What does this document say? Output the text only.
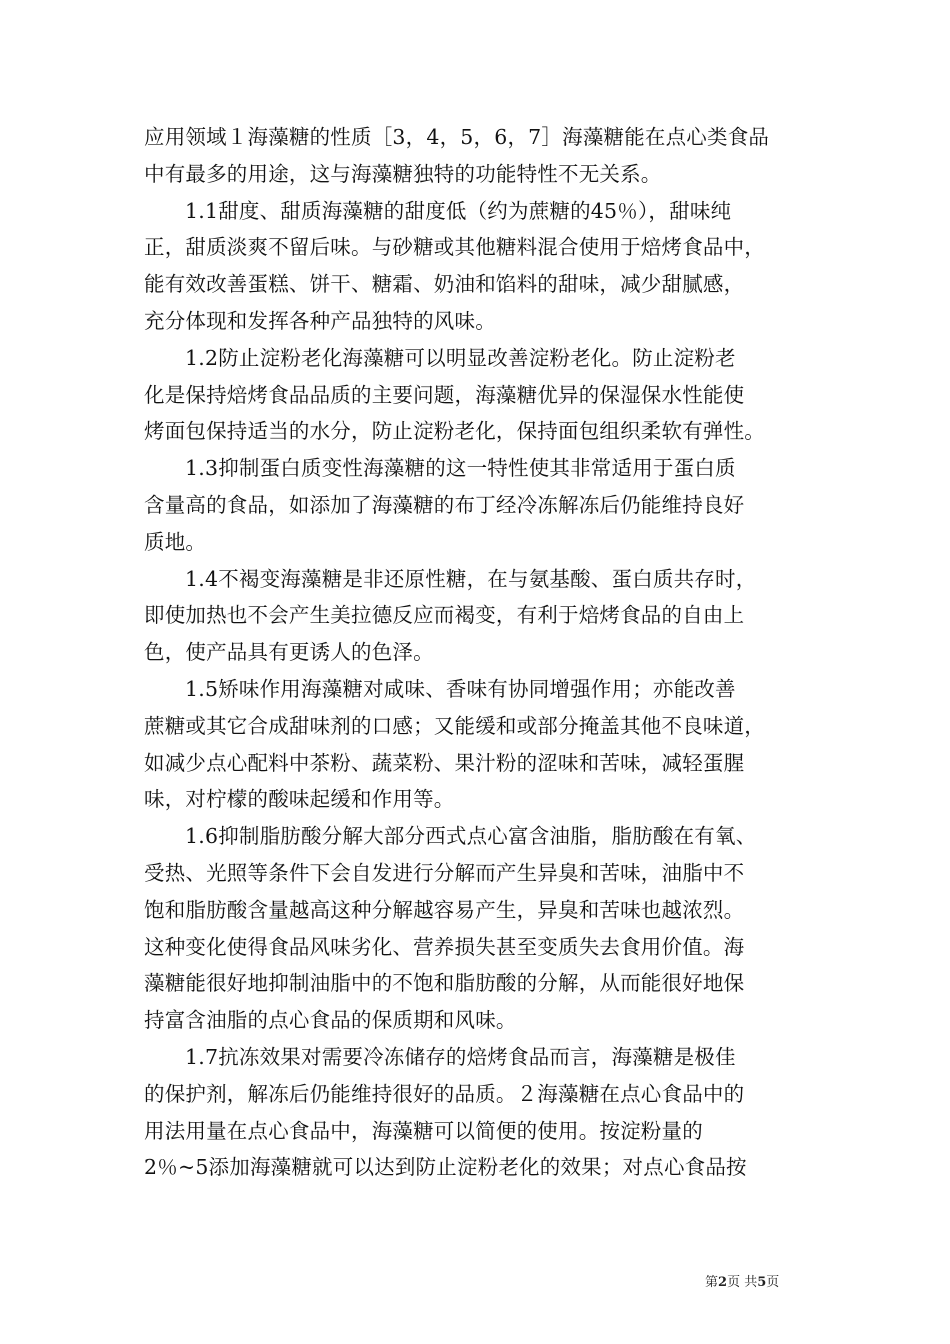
应用领域１海藻糖的性质［3，4，5，6，7］海藻糖能在点心类食品
中有最多的用途，这与海藻糖独特的功能特性不无关系。
1.1甜度、甜质海藻糖的甜度低（约为蔗糖的45％），甜味纯
正，甜质淡爽不留后味。与砂糖或其他糖料混合使用于焙烤食品中，
能有效改善蛋糕、饼干、糖霜、奶油和馅料的甜味，减少甜腻感，
充分体现和发挥各种产品独特的风味。
1.2防止淀粉老化海藻糖可以明显改善淀粉老化。防止淀粉老
化是保持焙烤食品品质的主要问题，海藻糖优异的保湿保水性能使
烤面包保持适当的水分，防止淀粉老化，保持面包组织柔软有弹性。
1.3抑制蛋白质变性海藻糖的这一特性使其非常适用于蛋白质
含量高的食品，如添加了海藻糖的布丁经冷冻解冻后仍能维持良好
质地。
1.4不褐变海藻糖是非还原性糖，在与氨基酸、蛋白质共存时，
即使加热也不会产生美拉德反应而褐变，有利于焙烤食品的自由上
色，使产品具有更诱人的色泽。
1.5矫味作用海藻糖对咸味、香味有协同增强作用；亦能改善
蔗糖或其它合成甜味剂的口感；又能缓和或部分掩盖其他不良味道，
如减少点心配料中茶粉、蔬菜粉、果汁粉的涩味和苦味，减轻蛋腥
味，对柠檬的酸味起缓和作用等。
1.6抑制脂肪酸分解大部分西式点心富含油脂，脂肪酸在有氧、
受热、光照等条件下会自发进行分解而产生异臭和苦味，油脂中不
饱和脂肪酸含量越高这种分解越容易产生，异臭和苦味也越浓烈。
这种变化使得食品风味劣化、营养损失甚至变质失去食用价值。海
藻糖能很好地抑制油脂中的不饱和脂肪酸的分解，从而能很好地保
持富含油脂的点心食品的保质期和风味。
1.7抗冻效果对需要冷冻储存的焙烤食品而言，海藻糖是极佳
的保护剂，解冻后仍能维持很好的品质。２海藻糖在点心食品中的
用法用量在点心食品中，海藻糖可以简便的使用。按淀粉量的
2％~5添加海藻糖就可以达到防止淀粉老化的效果；对点心食品按
第2页 共5页
